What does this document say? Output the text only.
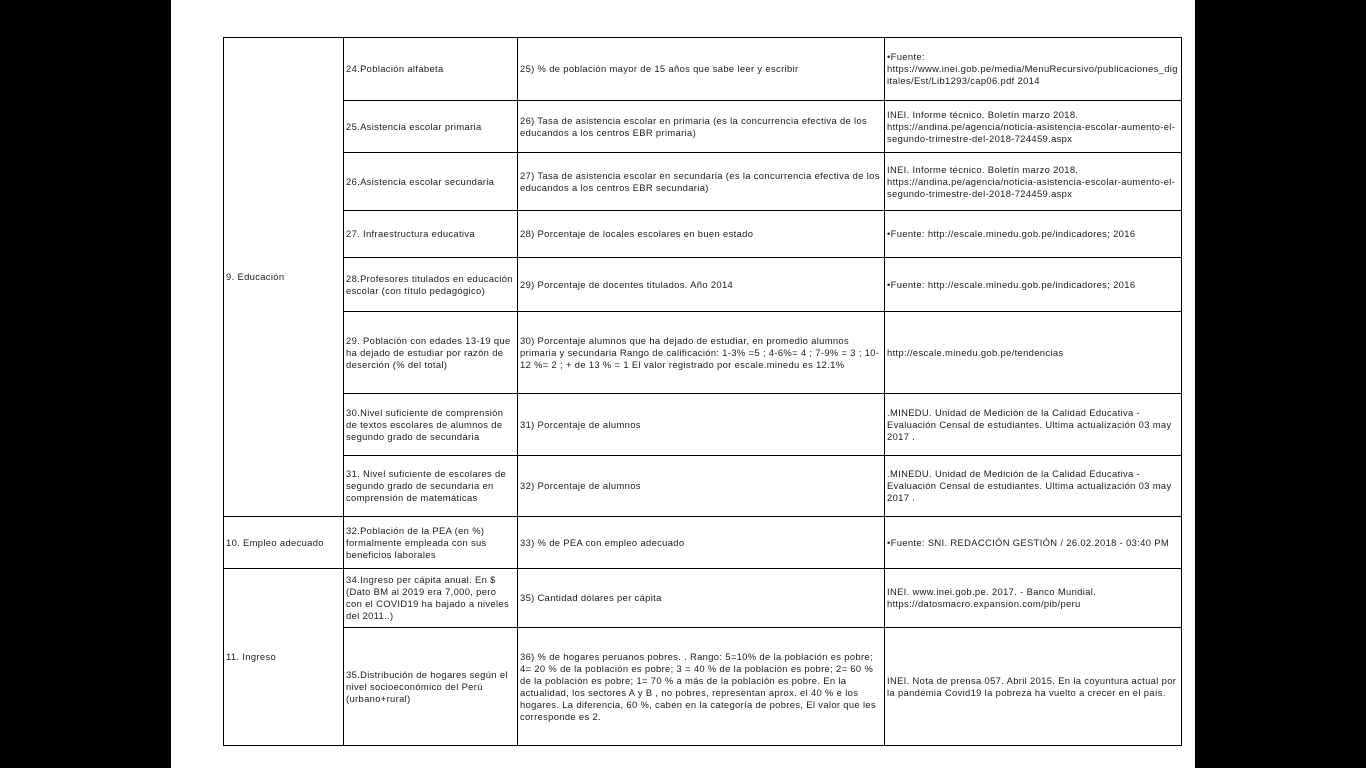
9. Educación	24.Población alfabeta	25) % de población mayor de 15 años que sabe leer y escribir	•Fuente:
https://www.inei.gob.pe/media/MenuRecursivo/publicaciones_digitales/Est/Lib1293/cap06.pdf 2014
	25.Asistencia escolar primaria	26) Tasa de asistencia escolar en primaria (es la concurrencia efectiva de los educandos a los centros EBR primaria)	INEI. Informe técnico. Boletín marzo 2018.
https://andina.pe/agencia/noticia-asistencia-escolar-aumento-el-segundo-trimestre-del-2018-724459.aspx
	26.Asistencia escolar secundaria	27) Tasa de asistencia escolar en secundaria (es la concurrencia efectiva de los educandos a los centros EBR secundaria)	INEI. Informe técnico. Boletín marzo 2018.
https://andina.pe/agencia/noticia-asistencia-escolar-aumento-el-segundo-trimestre-del-2018-724459.aspx
	27. Infraestructura educativa	28) Porcentaje de locales escolares en buen estado	•Fuente: http://escale.minedu.gob.pe/indicadores; 2016
	28.Profesores titulados en educación escolar (con título pedagógico)	29) Porcentaje de docentes titulados. Año 2014	•Fuente: http://escale.minedu.gob.pe/indicadores; 2016
	29. Población con edades 13-19 que ha dejado de estudiar por razón de deserción (% del total)	30) Porcentaje alumnos que ha dejado de estudiar, en promedio alumnos primaria y secundaria Rango de calificación: 1-3% =5 ; 4-6%= 4 ; 7-9% = 3 ; 10-12 %= 2 ; + de 13 % = 1 El valor registrado por escale.minedu es 12.1%	http://escale.minedu.gob.pe/tendencias
	30.Nivel suficiente de comprensión de textos escolares de alumnos de segundo grado de secundaria	31) Porcentaje de alumnos	.MINEDU. Unidad de Medición de la Calidad Educativa - Evaluación Censal de estudiantes. Ultima actualización 03 may 2017 .
	31. Nivel suficiente de escolares de segundo grado de secundaria en comprensión de matemáticas	32) Porcentaje de alumnos	.MINEDU. Unidad de Medición de la Calidad Educativa - Evaluación Censal de estudiantes. Ultima actualización 03 may 2017 .
10. Empleo adecuado	32.Población de la PEA (en %) formalmente empleada con sus beneficios laborales	33) % de PEA con empleo adecuado	•Fuente: SNI. REDACCIÓN GESTIÓN / 26.02.2018 - 03:40 PM
11. Ingreso	34.Ingreso per cápita anual. En $ (Dato BM al 2019 era 7,000, pero con el COVID19 ha bajado a niveles del 2011..)	35) Cantidad dólares per cápita	INEI. www.inei.gob.pe. 2017. - Banco Mundial.
https://datosmacro.expansion.com/pib/peru
	35.Distribución de hogares según el nivel socioeconómico del Perú (urbano+rural)	36) % de hogares peruanos pobres. . Rango: 5=10% de la población es pobre; 4= 20 % de la población es pobre; 3 = 40 % de la población es pobre; 2= 60 % de la población es pobre; 1= 70 % a más de la población es pobre. En la actualidad, los sectores A y B , no pobres, representan aprox. el 40 % e los hogares. La diferencia, 60 %, caben en la categoría de pobres, El valor que les corresponde es 2.	INEI. Nota de prensa 057. Abril 2015. En la coyuntura actual por la pandemia Covid19 la pobreza ha vuelto a crecer en el país.
